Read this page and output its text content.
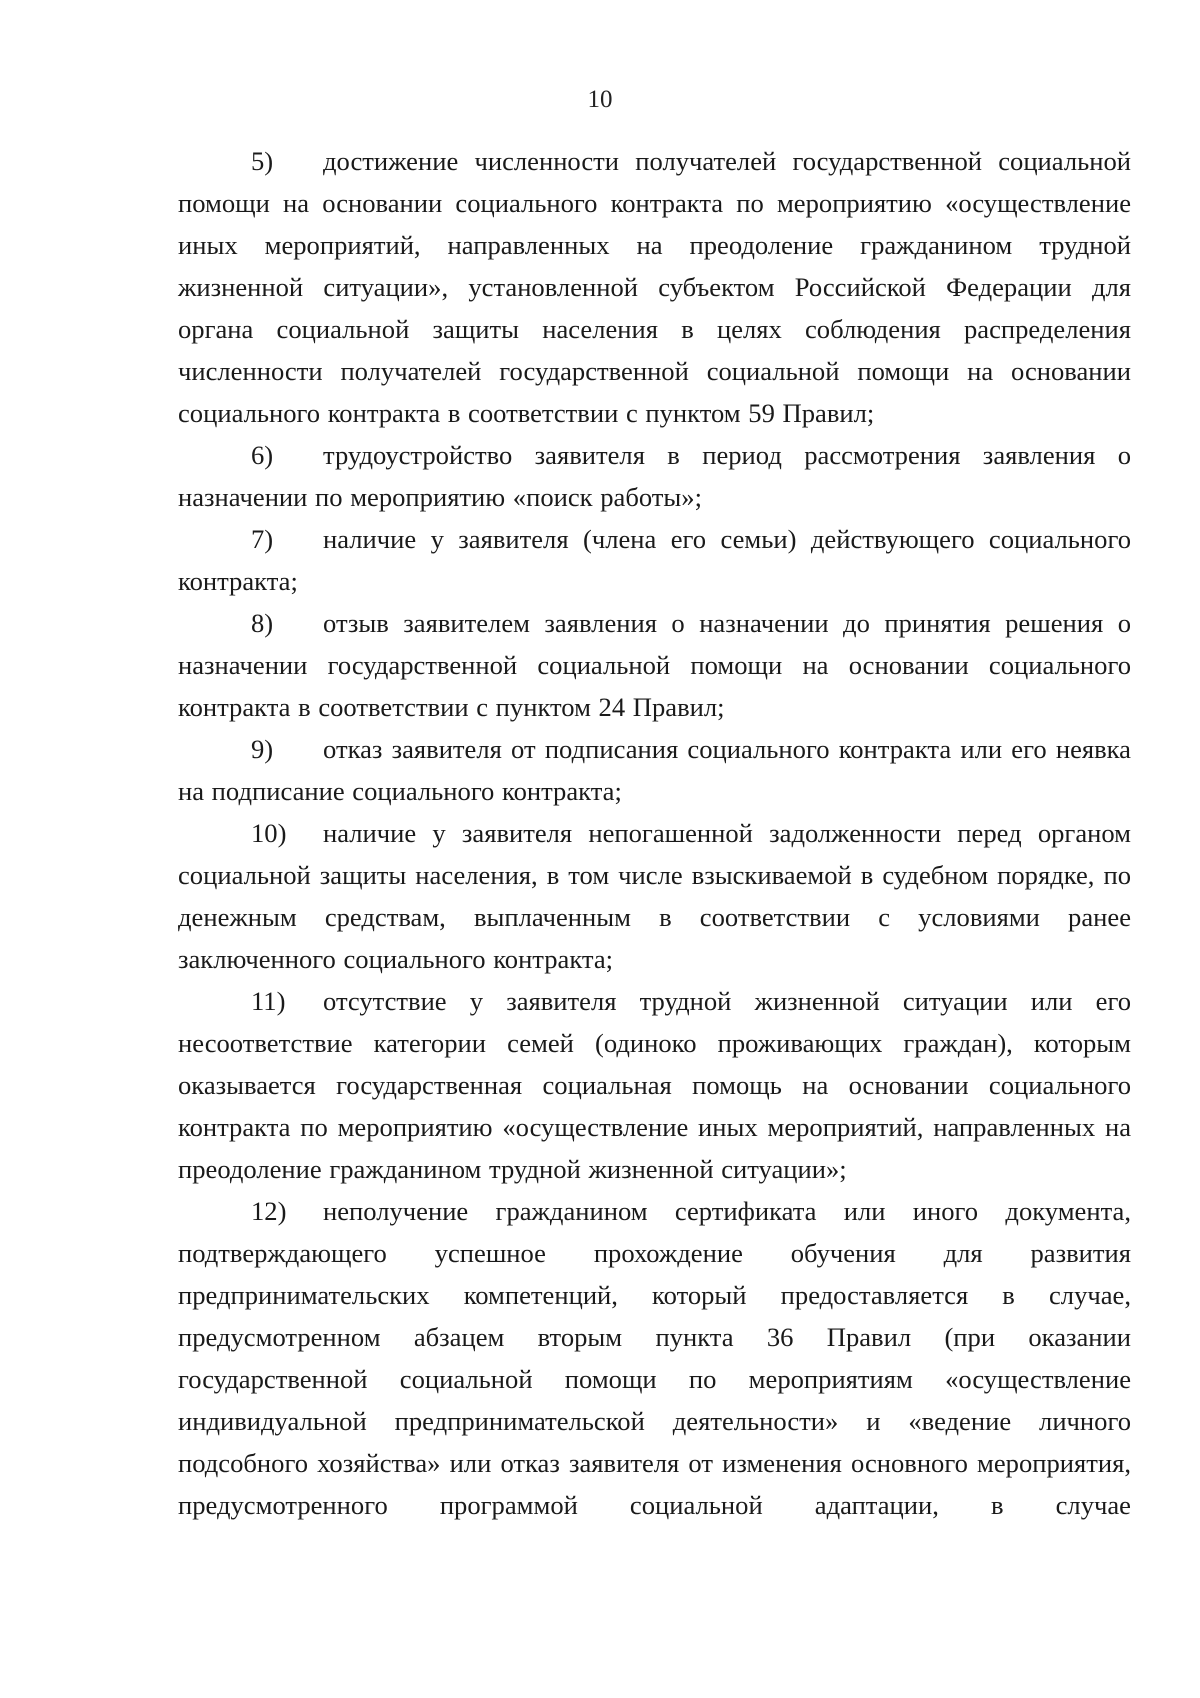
10

5) достижение численности получателей государственной социальной помощи на основании социального контракта по мероприятию «осуществление иных мероприятий, направленных на преодоление гражданином трудной жизненной ситуации», установленной субъектом Российской Федерации для органа социальной защиты населения в целях соблюдения распределения численности получателей государственной социальной помощи на основании социального контракта в соответствии с пунктом 59 Правил;

6) трудоустройство заявителя в период рассмотрения заявления о назначении по мероприятию «поиск работы»;

7) наличие у заявителя (члена его семьи) действующего социального контракта;

8) отзыв заявителем заявления о назначении до принятия решения о назначении государственной социальной помощи на основании социального контракта в соответствии с пунктом 24 Правил;

9) отказ заявителя от подписания социального контракта или его неявка на подписание социального контракта;

10) наличие у заявителя непогашенной задолженности перед органом социальной защиты населения, в том числе взыскиваемой в судебном порядке, по денежным средствам, выплаченным в соответствии с условиями ранее заключенного социального контракта;

11) отсутствие у заявителя трудной жизненной ситуации или его несоответствие категории семей (одиноко проживающих граждан), которым оказывается государственная социальная помощь на основании социального контракта по мероприятию «осуществление иных мероприятий, направленных на преодоление гражданином трудной жизненной ситуации»;

12) неполучение гражданином сертификата или иного документа, подтверждающего успешное прохождение обучения для развития предпринимательских компетенций, который предоставляется в случае, предусмотренном абзацем вторым пункта 36 Правил (при оказании государственной социальной помощи по мероприятиям «осуществление индивидуальной предпринимательской деятельности» и «ведение личного подсобного хозяйства» или отказ заявителя от изменения основного мероприятия, предусмотренного программой социальной адаптации, в случае
